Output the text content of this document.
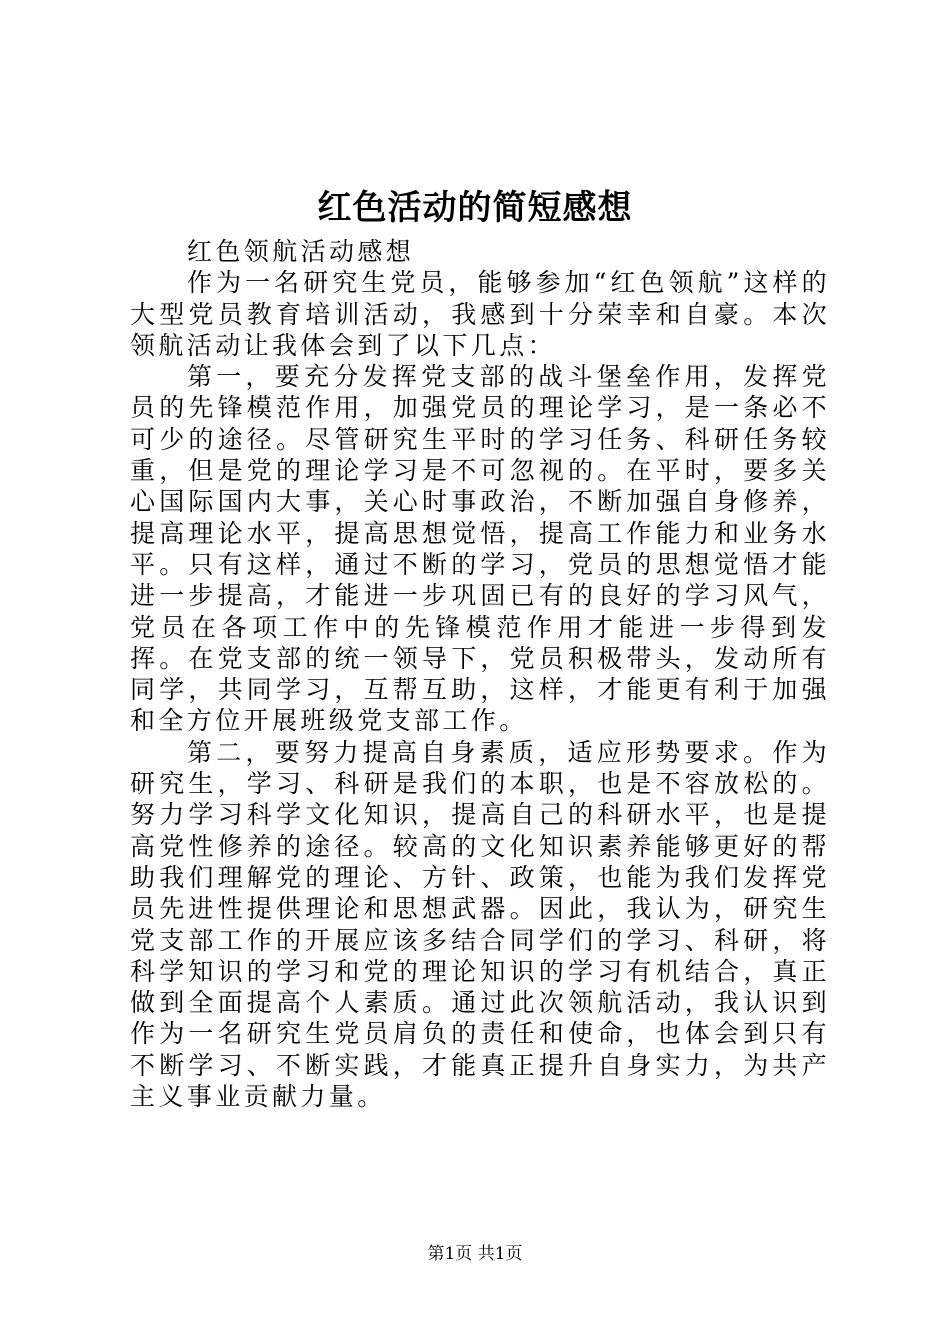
红色活动的简短感想

红色领航活动感想

作为一名研究生党员，能够参加“红色领航”这样的大型党员教育培训活动，我感到十分荣幸和自豪。本次领航活动让我体会到了以下几点：

第一，要充分发挥党支部的战斗堡垒作用，发挥党员的先锋模范作用，加强党员的理论学习，是一条必不可少的途径。尽管研究生平时的学习任务、科研任务较重，但是党的理论学习是不可忽视的。在平时，要多关心国际国内大事，关心时事政治，不断加强自身修养，提高理论水平，提高思想觉悟，提高工作能力和业务水平。只有这样，通过不断的学习，党员的思想觉悟才能进一步提高，才能进一步巩固已有的良好的学习风气，党员在各项工作中的先锋模范作用才能进一步得到发挥。在党支部的统一领导下，党员积极带头，发动所有同学，共同学习，互帮互助，这样，才能更有利于加强和全方位开展班级党支部工作。

第二，要努力提高自身素质，适应形势要求。作为研究生，学习、科研是我们的本职，也是不容放松的。努力学习科学文化知识，提高自己的科研水平，也是提高党性修养的途径。较高的文化知识素养能够更好的帮助我们理解党的理论、方针、政策，也能为我们发挥党员先进性提供理论和思想武器。因此，我认为，研究生党支部工作的开展应该多结合同学们的学习、科研，将科学知识的学习和党的理论知识的学习有机结合，真正做到全面提高个人素质。通过此次领航活动，我认识到作为一名研究生党员肩负的责任和使命，也体会到只有不断学习、不断实践，才能真正提升自身实力，为共产主义事业贡献力量。

第1页 共1页
